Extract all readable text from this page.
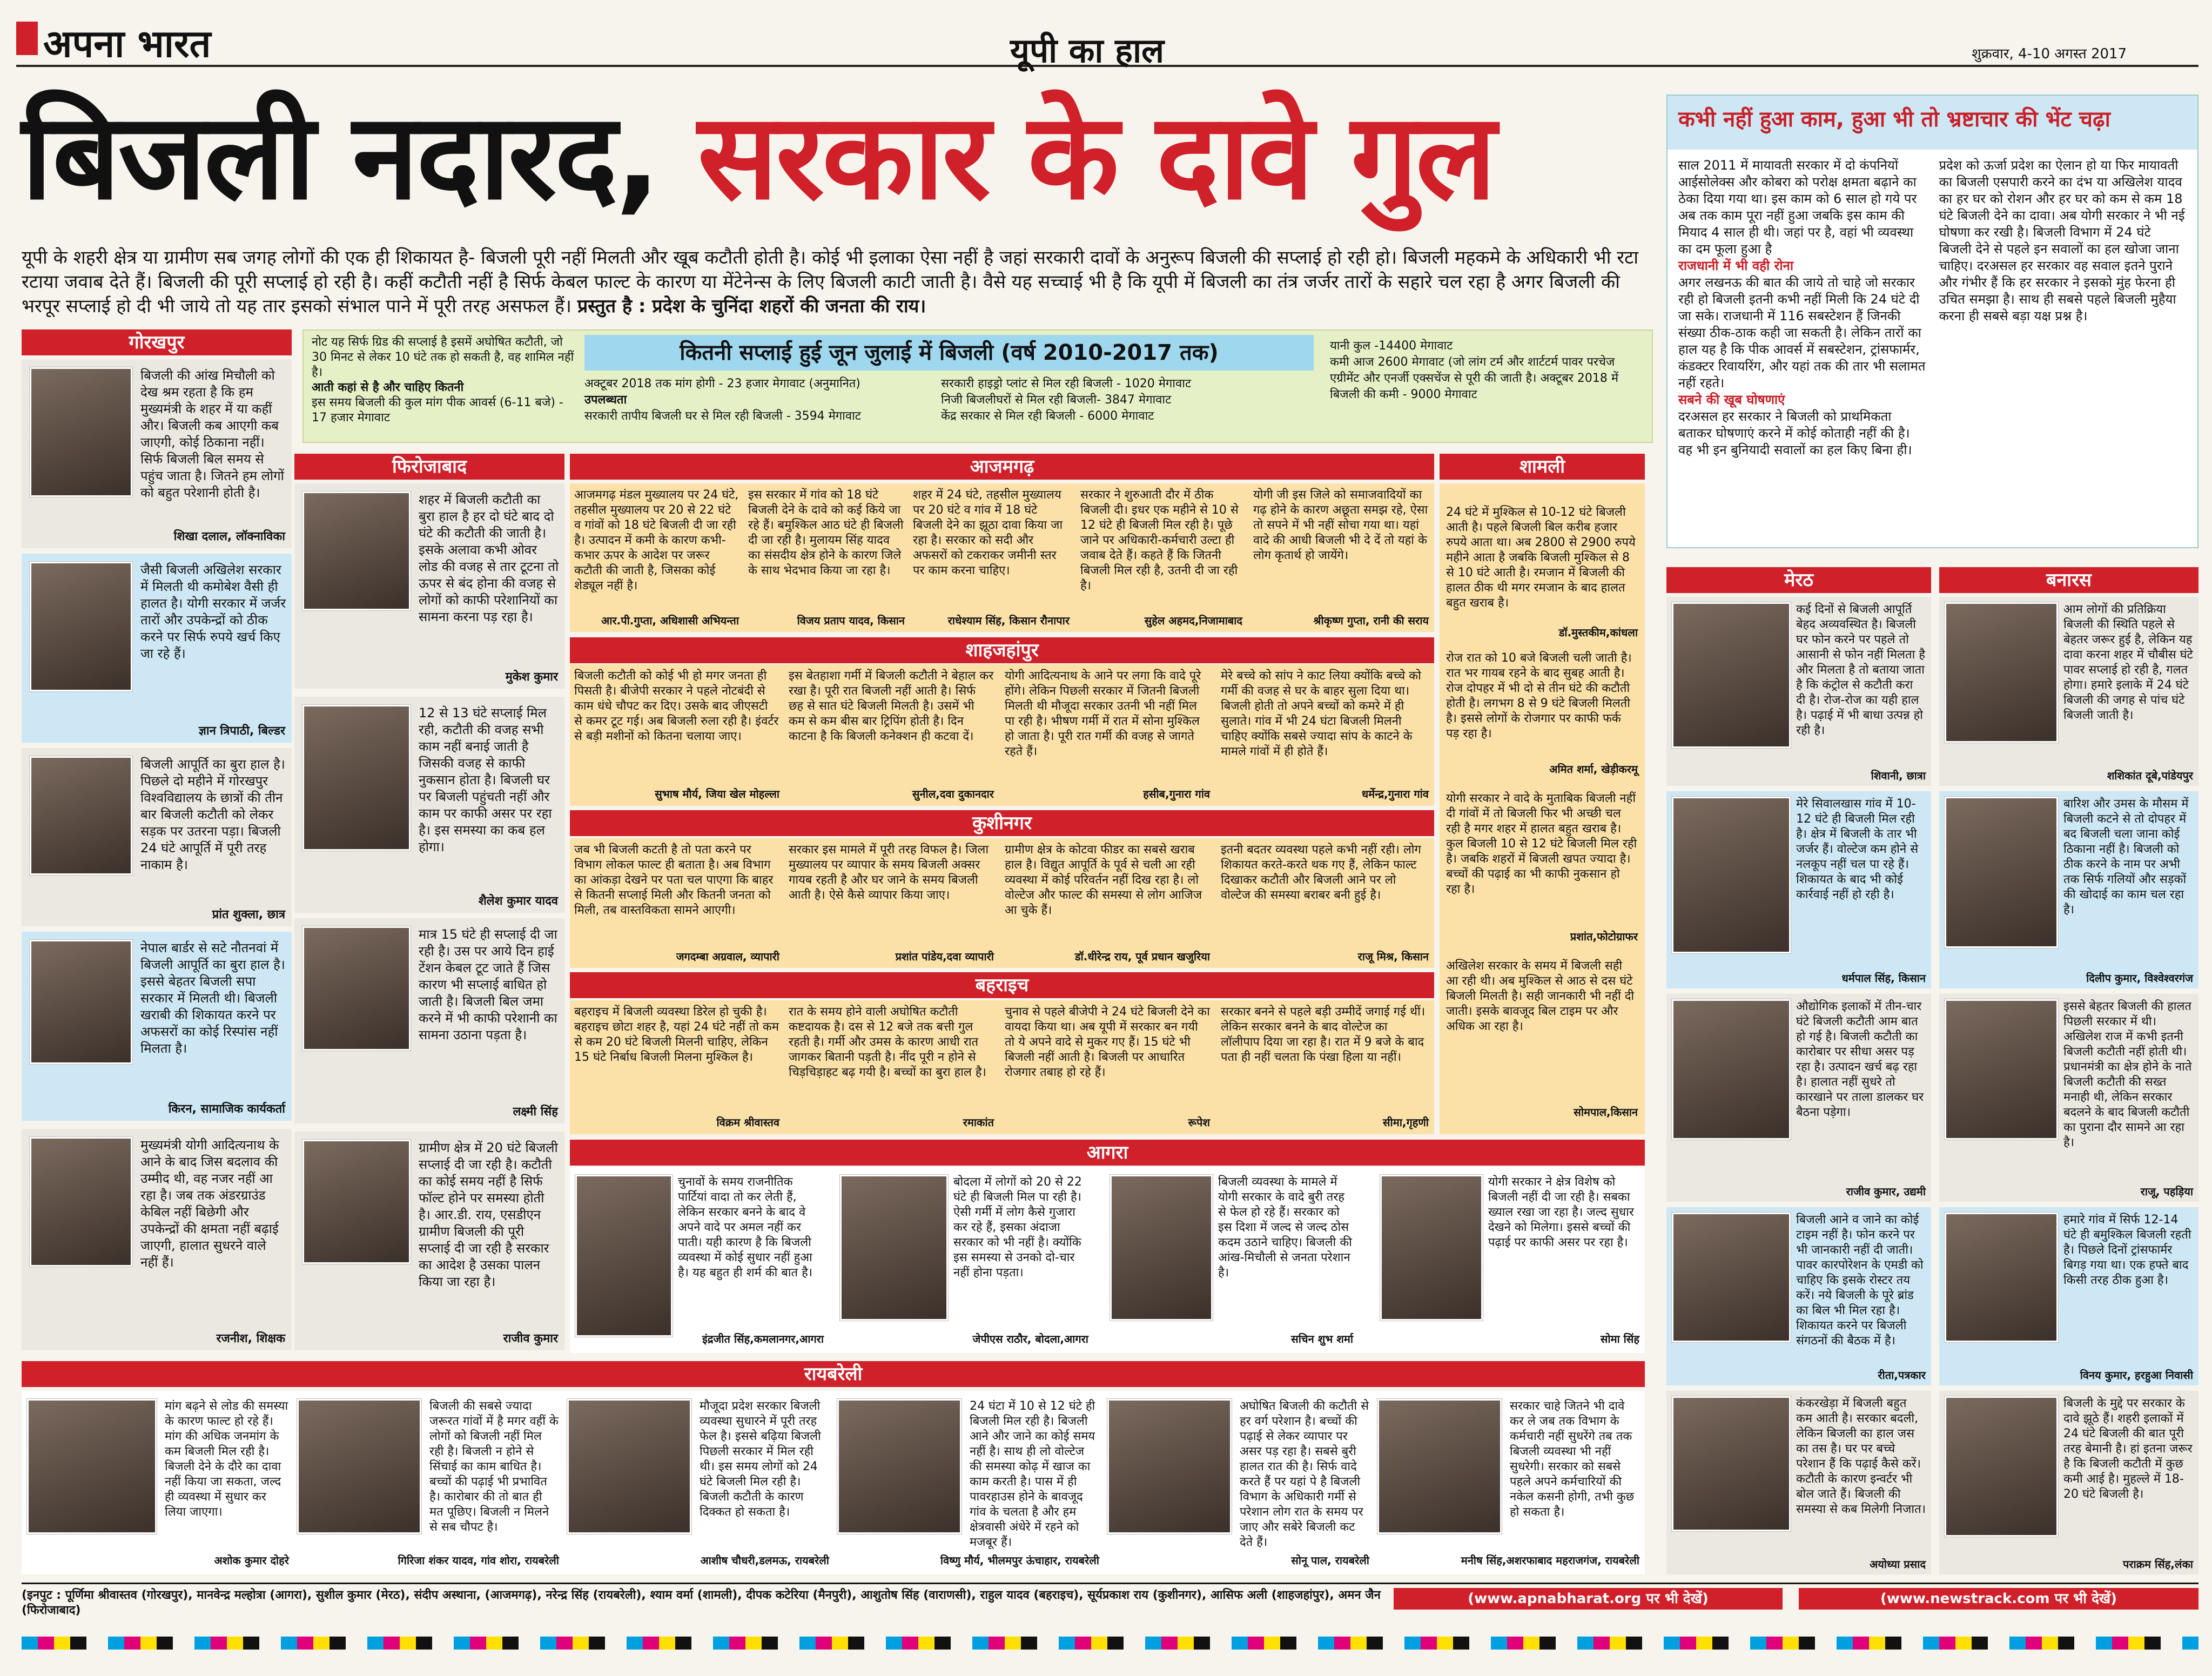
अपना भारत	यूपी का हाल	शुक्रवार, 4-10 अगस्त 2017
बिजली नदारद, सरकार के दावे गुल
यूपी के शहरी क्षेत्र या ग्रामीण सब जगह लोगों की एक ही शिकायत है- बिजली पूरी नहीं मिलती और खूब कटौती होती है। कोई भी इलाका ऐसा नहीं है जहां सरकारी दावों के अनुरूप बिजली की सप्लाई हो रही हो। बिजली महकमे के अधिकारी भी रटा रटाया जवाब देते हैं। बिजली की पूरी सप्लाई हो रही है। कहीं कटौती नहीं है सिर्फ केबल फाल्ट के कारण या मेंटेनेन्स के लिए बिजली काटी जाती है। वैसे यह सच्चाई भी है कि यूपी में बिजली का तंत्र जर्जर तारों के सहारे चल रहा है अगर बिजली की भरपूर सप्लाई हो दी भी जाये तो यह तार इसको संभाल पाने में पूरी तरह असफल हैं। प्रस्तुत है : प्रदेश के चुनिंदा शहरों की जनता की राय।
कभी नहीं हुआ काम, हुआ भी तो भ्रष्टाचार की भेंट चढ़ा

साल 2011 में मायावती सरकार में दो कंपनियों आईसोलेक्स और कोबरा को परोक्ष क्षमता बढ़ाने का ठेका दिया गया था। इस काम को 6 साल हो गये पर अब तक काम पूरा नहीं हुआ जबकि इस काम की मियाद 4 साल ही थी। जहां पर है, वहां भी व्यवस्था का दम फूला हुआ है

राजधानी में भी वही रोना

अगर लखनऊ की बात की जाये तो चाहे जो सरकार रही हो बिजली इतनी कभी नहीं मिली कि 24 घंटे दी जा सके। राजधानी में 116 सबस्टेशन हैं जिनकी संख्या ठीक-ठाक कही जा सकती है। लेकिन तारों का हाल यह है कि पीक आवर्स में सबस्टेशन, ट्रांसफार्मर, कंडक्टर रिवायरिंग, और यहां तक की तार भी सलामत नहीं रहते।

सबने की खूब घोषणाएं

दरअसल हर सरकार ने बिजली को प्राथमिकता बताकर घोषणाएं करने में कोई कोताही नहीं की है। वह भी इन बुनियादी सवालों का हल किए बिना ही।

प्रदेश को ऊर्जा प्रदेश का ऐलान हो या फिर मायावती का बिजली एसपारी करने का दंभ या अखिलेश यादव का हर घर को रोशन और हर घर को कम से कम 18 घंटे बिजली देने का दावा। अब योगी सरकार ने भी नई घोषणा कर रखी है। बिजली विभाग में 24 घंटे बिजली देने से पहले इन सवालों का हल खोजा जाना चाहिए। दरअसल हर सरकार वह सवाल इतने पुराने और गंभीर हैं कि हर सरकार ने इसको मुंह फेरना ही उचित समझा है। साथ ही सबसे पहले बिजली मुहैया करना ही सबसे बड़ा यक्ष प्रश्न है।

नोट यह सिर्फ ग्रिड की सप्लाई है इसमें अघोषित कटौती, जो 30 मिनट से लेकर 10 घंटे तक हो सकती है, वह शामिल नहीं है।

आती कहां से है और चाहिए कितनी

इस समय बिजली की कुल मांग पीक आवर्स (6-11 बजे) - 17 हजार मेगावाट

कितनी सप्लाई हुई जून जुलाई में बिजली (वर्ष 2010-2017 तक)

अक्टूबर 2018 तक मांग होगी - 23 हजार मेगावाट (अनुमानित)

उपलब्धता

सरकारी तापीय बिजली घर से मिल रही बिजली - 3594 मेगावाट

सरकारी हाइड्रो प्लांट से मिल रही बिजली - 1020 मेगावाट

निजी बिजलीघरों से मिल रही बिजली- 3847 मेगावाट

केंद्र सरकार से मिल रही बिजली - 6000 मेगावाट

यानी कुल -14400 मेगावाट

कमी आज 2600 मेगावाट (जो लांग टर्म और शार्टटर्म पावर परचेज एग्रीमेंट और एनर्जी एक्सचेंज से पूरी की जाती है। अक्टूबर 2018 में बिजली की कमी - 9000 मेगावाट

गोरखपुर
फिरोजाबाद	आजमगढ़	शामली
शाहजहांपुर
कुशीनगर
बहराइच
आगरा
रायबरेली
मेरठ	बनारस
बिजली की आंख मिचौली को देख श्रम रहता है कि हम मुख्यमंत्री के शहर में या कहीं और। बिजली कब आएगी कब जाएगी, कोई ठिकाना नहीं। सिर्फ बिजली बिल समय से पहुंच जाता है। जितने हम लोगों को बहुत परेशानी होती है।
शिखा दलाल, लॉक्नाविका
जैसी बिजली अखिलेश सरकार में मिलती थी कमोबेश वैसी ही हालत है। योगी सरकार में जर्जर तारों और उपकेन्द्रों को ठीक करने पर सिर्फ रुपये खर्च किए जा रहे हैं।
ज्ञान त्रिपाठी, बिल्डर
बिजली आपूर्ति का बुरा हाल है। पिछले दो महीने में गोरखपुर विश्वविद्यालय के छात्रों की तीन बार बिजली कटौती को लेकर सड़क पर उतरना पड़ा। बिजली 24 घंटे आपूर्ति में पूरी तरह नाकाम है।
प्रांत शुक्ला, छात्र
नेपाल बार्डर से सटे नौतनवां में बिजली आपूर्ति का बुरा हाल है। इससे बेहतर बिजली सपा सरकार में मिलती थी। बिजली खराबी की शिकायत करने पर अफसरों का कोई रिस्पांस नहीं मिलता है।
किरन, सामाजिक कार्यकर्ता
मुख्यमंत्री योगी आदित्यनाथ के आने के बाद जिस बदलाव की उम्मीद थी, वह नजर नहीं आ रहा है। जब तक अंडरग्राउंड केबिल नहीं बिछेगी और उपकेन्द्रों की क्षमता नहीं बढ़ाई जाएगी, हालात सुधरने वाले नहीं हैं।
रजनीश, शिक्षक
शहर में बिजली कटौती का बुरा हाल है हर दो घंटे बाद दो घंटे की कटौती की जाती है। इसके अलावा कभी ओवर लोड की वजह से तार टूटना तो ऊपर से बंद होना की वजह से लोगों को काफी परेशानियों का सामना करना पड़ रहा है।
मुकेश कुमार
12 से 13 घंटे सप्लाई मिल रही, कटौती की वजह सभी काम नहीं बनाई जाती है जिसकी वजह से काफी नुकसान होता है। बिजली घर पर बिजली पहुंचती नहीं और काम पर काफी असर पर रहा है। इस समस्या का कब हल होगा।
शैलेश कुमार यादव
मात्र 15 घंटे ही सप्लाई दी जा रही है। उस पर आये दिन हाई टेंशन केबल टूट जाते हैं जिस कारण भी सप्लाई बाधित हो जाती है। बिजली बिल जमा करने में भी काफी परेशानी का सामना उठाना पड़ता है।
लक्ष्मी सिंह
ग्रामीण क्षेत्र में 20 घंटे बिजली सप्लाई दी जा रही है। कटौती का कोई समय नहीं है सिर्फ फॉल्ट होने पर समस्या होती है। आर.डी. राय, एसडीएन ग्रामीण बिजली की पूरी सप्लाई दी जा रही है सरकार का आदेश है उसका पालन किया जा रहा है।
राजीव कुमार
आजमगढ़ मंडल मुख्यालय पर 24 घंटे, तहसील मुख्यालय पर 20 से 22 घंटे व गांवों को 18 घंटे बिजली दी जा रही है। उत्पादन में कमी के कारण कभी-कभार ऊपर के आदेश पर जरूर कटौती की जाती है, जिसका कोई शेड्यूल नहीं है।
आर.पी.गुप्ता, अधिशासी अभियन्ता
इस सरकार में गांव को 18 घंटे बिजली देने के दावे को कई किये जा रहे हैं। बमुश्किल आठ घंटे ही बिजली दी जा रही है। मुलायम सिंह यादव का संसदीय क्षेत्र होने के कारण जिले के साथ भेदभाव किया जा रहा है।
विजय प्रताप यादव, किसान
शहर में 24 घंटे, तहसील मुख्यालय पर 20 घंटे व गांव में 18 घंटे बिजली देने का झूठा दावा किया जा रहा है। सरकार को सदी और अफसरों को टकराकर जमीनी स्तर पर काम करना चाहिए।
राधेश्याम सिंह, किसान रौनापार
सरकार ने शुरुआती दौर में ठीक बिजली दी। इधर एक महीने से 10 से 12 घंटे ही बिजली मिल रही है। पूछे जाने पर अधिकारी-कर्मचारी उल्टा ही जवाब देते हैं। कहते हैं कि जितनी बिजली मिल रही है, उतनी दी जा रही है।
सुहेल अहमद,निजामाबाद
योगी जी इस जिले को समाजवादियों का गढ़ होने के कारण अछूता समझ रहे, ऐसा तो सपने में भी नहीं सोचा गया था। यहां वादे की आधी बिजली भी दे दें तो यहां के लोग कृतार्थ हो जायेंगे।
श्रीकृष्ण गुप्ता, रानी की सराय
बिजली कटौती को कोई भी हो मगर जनता ही पिसती है। बीजेपी सरकार ने पहले नोटबंदी से काम धंधे चौपट कर दिए। उसके बाद जीएसटी से कमर टूट गई। अब बिजली रुला रही है। इंवर्टर से बड़ी मशीनों को कितना चलाया जाए।
सुभाष मौर्य, जिया खेल मोहल्ला
इस बेतहाशा गर्मी में बिजली कटौती ने बेहाल कर रखा है। पूरी रात बिजली नहीं आती है। सिर्फ छह से सात घंटे बिजली मिलती है। उसमें भी कम से कम बीस बार ट्रिपिंग होती है। दिन काटना है कि बिजली कनेक्शन ही कटवा दें।
सुनील,दवा दुकानदार
योगी आदित्यनाथ के आने पर लगा कि वादे पूरे होंगे। लेकिन पिछली सरकार में जितनी बिजली मिलती थी मौजूदा सरकार उतनी भी नहीं मिल पा रही है। भीषण गर्मी में रात में सोना मुश्किल हो जाता है। पूरी रात गर्मी की वजह से जागते रहते हैं।
हसीब,गुनारा गांव
मेरे बच्चे को सांप ने काट लिया क्योंकि बच्चे को गर्मी की वजह से घर के बाहर सुला दिया था। बिजली होती तो अपने बच्चों को कमरे में ही सुलाते। गांव में भी 24 घंटा बिजली मिलनी चाहिए क्योंकि सबसे ज्यादा सांप के काटने के मामले गांवों में ही होते हैं।
धर्मेन्द्र,गुनारा गांव
जब भी बिजली कटती है तो पता करने पर विभाग लोकल फाल्ट ही बताता है। अब विभाग का आंकड़ा देखने पर पता चल पाएगा कि बाहर से कितनी सप्लाई मिली और कितनी जनता को मिली, तब वास्तविकता सामने आएगी।
जगदम्बा अग्रवाल, व्यापारी
सरकार इस मामले में पूरी तरह विफल है। जिला मुख्यालय पर व्यापार के समय बिजली अक्सर गायब रहती है और घर जाने के समय बिजली आती है। ऐसे कैसे व्यापार किया जाए।
प्रशांत पांडेय,दवा व्यापारी
ग्रामीण क्षेत्र के कोटवा फीडर का सबसे खराब हाल है। विद्युत आपूर्ति के पूर्व से चली आ रही व्यवस्था में कोई परिवर्तन नहीं दिख रहा है। लो वोल्टेज और फाल्ट की समस्या से लोग आजिज आ चुके हैं।
डॉ.धीरेन्द्र राय, पूर्व प्रधान खजुरिया
इतनी बदतर व्यवस्था पहले कभी नहीं रही। लोग शिकायत करते-करते थक गए हैं, लेकिन फाल्ट दिखाकर कटौती और बिजली आने पर लो वोल्टेज की समस्या बराबर बनी हुई है।
राजू मिश्र, किसान
बहराइच में बिजली व्यवस्था डिरेल हो चुकी है। बहराइच छोटा शहर है, यहां 24 घंटे नहीं तो कम से कम 20 घंटे बिजली मिलनी चाहिए, लेकिन 15 घंटे निर्बाध बिजली मिलना मुश्किल है।
विक्रम श्रीवास्तव
रात के समय होने वाली अघोषित कटौती कष्टदायक है। दस से 12 बजे तक बत्ती गुल रहती है। गर्मी और उमस के कारण आधी रात जागकर बितानी पड़ती है। नींद पूरी न होने से चिड़चिड़ाहट बढ़ गयी है। बच्चों का बुरा हाल है।
रमाकांत
चुनाव से पहले बीजेपी ने 24 घंटे बिजली देने का वायदा किया था। अब यूपी में सरकार बन गयी तो ये अपने वादे से मुकर गए हैं। 15 घंटे भी बिजली नहीं आती है। बिजली पर आधारित रोजगार तबाह हो रहे हैं।
रूपेश
सरकार बनने से पहले बड़ी उम्मीदें जगाई गई थीं। लेकिन सरकार बनने के बाद वोल्टेज का लॉलीपाप दिया जा रहा है। रात में 9 बजे के बाद पता ही नहीं चलता कि पंखा हिला या नहीं।
सीमा,गृहणी
24 घंटे में मुश्किल से 10-12 घंटे बिजली आती है। पहले बिजली बिल करीब हजार रुपये आता था। अब 2800 से 2900 रुपये महीने आता है जबकि बिजली मुश्किल से 8 से 10 घंटे आती है। रमजान में बिजली की हालत ठीक थी मगर रमजान के बाद हालत बहुत खराब है।
डॉ.मुस्तकीम,कांधला
रोज रात को 10 बजे बिजली चली जाती है। रात भर गायब रहने के बाद सुबह आती है। रोज दोपहर में भी दो से तीन घंटे की कटौती होती है। लगभग 8 से 9 घंटे बिजली मिलती है। इससे लोगों के रोजगार पर काफी फर्क पड़ रहा है।
अमित शर्मा, खेड़ीकरमू
योगी सरकार ने वादे के मुताबिक बिजली नहीं दी गांवों में तो बिजली फिर भी अच्छी चल रही है मगर शहर में हालत बहुत खराब है। कुल बिजली 10 से 12 घंटे बिजली मिल रही है। जबकि शहरों में बिजली खपत ज्यादा है। बच्चों की पढ़ाई का भी काफी नुकसान हो रहा है।
प्रशांत,फोटोग्राफर
अखिलेश सरकार के समय में बिजली सही आ रही थी। अब मुश्किल से आठ से दस घंटे बिजली मिलती है। सही जानकारी भी नहीं दी जाती। इसके बावजूद बिल टाइम पर और अधिक आ रहा है।
सोमपाल,किसान
चुनावों के समय राजनीतिक पार्टियां वादा तो कर लेती हैं, लेकिन सरकार बनने के बाद वे अपने वादे पर अमल नहीं कर पाती। यही कारण है कि बिजली व्यवस्था में कोई सुधार नहीं हुआ है। यह बहुत ही शर्म की बात है।
इंद्रजीत सिंह,कमलानगर,आगरा
बोदला में लोगों को 20 से 22 घंटे ही बिजली मिल पा रही है। ऐसी गर्मी में लोग कैसे गुजारा कर रहे हैं, इसका अंदाजा सरकार को भी नहीं है। क्योंकि इस समस्या से उनको दो-चार नहीं होना पड़ता।
जेपीएस राठौर, बोदला,आगरा
बिजली व्यवस्था के मामले में योगी सरकार के वादे बुरी तरह से फेल हो रहे हैं। सरकार को इस दिशा में जल्द से जल्द ठोस कदम उठाने चाहिए। बिजली की आंख-मिचौली से जनता परेशान है।
सचिन शुभ शर्मा
योगी सरकार ने क्षेत्र विशेष को बिजली नहीं दी जा रही है। सबका ख्याल रखा जा रहा है। जल्द सुधार देखने को मिलेगा। इससे बच्चों की पढ़ाई पर काफी असर पर रहा है।
सोमा सिंह
मांग बढ़ने से लोड की समस्या के कारण फाल्ट हो रहे हैं। मांग की अधिक जनमांग के कम बिजली मिल रही है। बिजली देने के दौरे का दावा नहीं किया जा सकता, जल्द ही व्यवस्था में सुधार कर लिया जाएगा।
अशोक कुमार दोहरे
बिजली की सबसे ज्यादा जरूरत गांवों में है मगर वहीं के लोगों को बिजली नहीं मिल रही है। बिजली न होने से सिंचाई का काम बाधित है। बच्चों की पढ़ाई भी प्रभावित है। कारोबार की तो बात ही मत पूछिए। बिजली न मिलने से सब चौपट है।
गिरिजा शंकर यादव, गांव शोरा, रायबरेली
मौजूदा प्रदेश सरकार बिजली व्यवस्था सुधारने में पूरी तरह फेल है। इससे बढ़िया बिजली पिछली सरकार में मिल रही थी। इस समय लोगों को 24 घंटे बिजली मिल रही है। बिजली कटौती के कारण दिक्कत हो सकता है।
आशीष चौधरी,डलमऊ, रायबरेली
24 घंटा में 10 से 12 घंटे ही बिजली मिल रही है। बिजली आने और जाने का कोई समय नहीं है। साथ ही लो वोल्टेज की समस्या कोढ़ में खाज का काम करती है। पास में ही पावरहाउस होने के बावजूद गांव के चलता है और हम क्षेत्रवासी अंधेरे में रहने को मजबूर हैं।
विष्णु मौर्य, भीलमपुर ऊंचाहार, रायबरेली
अघोषित बिजली की कटौती से हर वर्ग परेशान है। बच्चों की पढ़ाई से लेकर व्यापार पर असर पड़ रहा है। सबसे बुरी हालत रात की है। सिर्फ वादे करते हैं पर यहां पे है बिजली विभाग के अधिकारी गर्मी से परेशान लोग रात के समय पर जाए और सबेरे बिजली कट देते हैं।
सोनू पाल, रायबरेली
सरकार चाहे जितने भी दावे कर ले जब तक विभाग के कर्मचारी नहीं सुधरेंगे तब तक बिजली व्यवस्था भी नहीं सुधरेगी। सरकार को सबसे पहले अपने कर्मचारियों की नकेल कसनी होगी, तभी कुछ हो सकता है।
मनीष सिंह,अशरफाबाद महराजगंज, रायबरेली
कई दिनों से बिजली आपूर्ति बेहद अव्यवस्थित है। बिजली घर फोन करने पर पहले तो आसानी से फोन नहीं मिलता है और मिलता है तो बताया जाता है कि कंट्रोल से कटौती करा दी है। रोज-रोज का यही हाल है। पढ़ाई में भी बाधा उत्पन्न हो रही है।
शिवानी, छात्रा
मेरे सिवालखास गांव में 10-12 घंटे ही बिजली मिल रही है। क्षेत्र में बिजली के तार भी जर्जर हैं। वोल्टेज कम होने से नलकूप नहीं चल पा रहे हैं। शिकायत के बाद भी कोई कार्रवाई नहीं हो रही है।
धर्मपाल सिंह, किसान
औद्योगिक इलाकों में तीन-चार घंटे बिजली कटौती आम बात हो गई है। बिजली कटौती का कारोबार पर सीधा असर पड़ रहा है। उत्पादन खर्च बढ़ रहा है। हालात नहीं सुधरे तो कारखाने पर ताला डालकर घर बैठना पड़ेगा।
राजीव कुमार, उद्यमी
बिजली आने व जाने का कोई टाइम नहीं है। फोन करने पर भी जानकारी नहीं दी जाती। पावर कारपोरेशन के एमडी को चाहिए कि इसके रोस्टर तय करें। नये बिजली के पूरे ब्रांड का बिल भी मिल रहा है। शिकायत करने पर बिजली संगठनों की बैठक में है।
रीता,पत्रकार
कंकरखेड़ा में बिजली बहुत कम आती है। सरकार बदली, लेकिन बिजली का हाल जस का तस है। घर पर बच्चे परेशान हैं कि पढ़ाई कैसे करें। कटौती के कारण इन्वर्टर भी बोल जाते हैं। बिजली की समस्या से कब मिलेगी निजात।
अयोध्या प्रसाद
आम लोगों की प्रतिक्रिया बिजली की स्थिति पहले से बेहतर जरूर हुई है, लेकिन यह दावा करना शहर में चौबीस घंटे पावर सप्लाई हो रही है, गलत होगा। हमारे इलाके में 24 घंटे बिजली की जगह से पांच घंटे बिजली जाती है।
शशिकांत दूबे,पांडेयपुर
बारिश और उमस के मौसम में बिजली कटने से तो दोपहर में बद बिजली चला जाना कोई ठिकाना नहीं है। बिजली को ठीक करने के नाम पर अभी तक सिर्फ गलियों और सड़कों की खोदाई का काम चल रहा है।
दिलीप कुमार, विश्वेश्वरगंज
इससे बेहतर बिजली की हालत पिछली सरकार में थी। अखिलेश राज में कभी इतनी बिजली कटौती नहीं होती थी। प्रधानमंत्री का क्षेत्र होने के नाते बिजली कटौती की सख्त मनाही थी, लेकिन सरकार बदलने के बाद बिजली कटौती का पुराना दौर सामने आ रहा है।
राजू, पहड़िया
हमारे गांव में सिर्फ 12-14 घंटे ही बमुश्किल बिजली रहती है। पिछले दिनों ट्रांसफार्मर बिगड़ गया था। एक हफ्ते बाद किसी तरह ठीक हुआ है।
विनय कुमार, हरहुआ निवासी
बिजली के मुद्दे पर सरकार के दावे झूठे हैं। शहरी इलाकों में 24 घंटे बिजली की बात पूरी तरह बेमानी है। हां इतना जरूर है कि बिजली कटौती में कुछ कमी आई है। मुहल्ले में 18-20 घंटे बिजली है।
पराक्रम सिंह,लंका
(इनपुट : पूर्णिमा श्रीवास्तव (गोरखपुर), मानवेन्द्र मल्होत्रा (आगरा), सुशील कुमार (मेरठ), संदीप अस्थाना, (आजमगढ़), नरेन्द्र सिंह (रायबरेली), श्याम वर्मा (शामली), दीपक कटेरिया (मैनपुरी), आशुतोष सिंह (वाराणसी), राहुल यादव (बहराइच), सूर्यप्रकाश राय (कुशीनगर), आसिफ अली (शाहजहांपुर), अमन जैन (फिरोजाबाद)
(www.apnabharat.org पर भी देखें)	(www.newstrack.com पर भी देखें)
